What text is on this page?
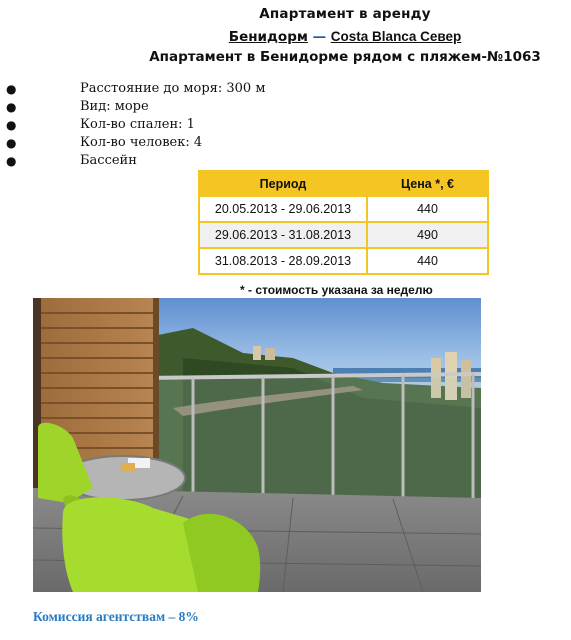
Апартамент в аренду
Бенидорм — Costa Blanca Север
Апартамент в Бенидорме рядом с пляжем-№1063
●	Расстояние до моря: 300 м
●	Вид: море
●	Кол-во спален: 1
●	Кол-во человек: 4
●	Бассейн
Период	Цена *, €
20.05.2013 - 29.06.2013	440
29.06.2013 - 31.08.2013	490
31.08.2013 - 28.09.2013	440
* - стоимость указана за неделю
Комиссия агентствам – 8%
